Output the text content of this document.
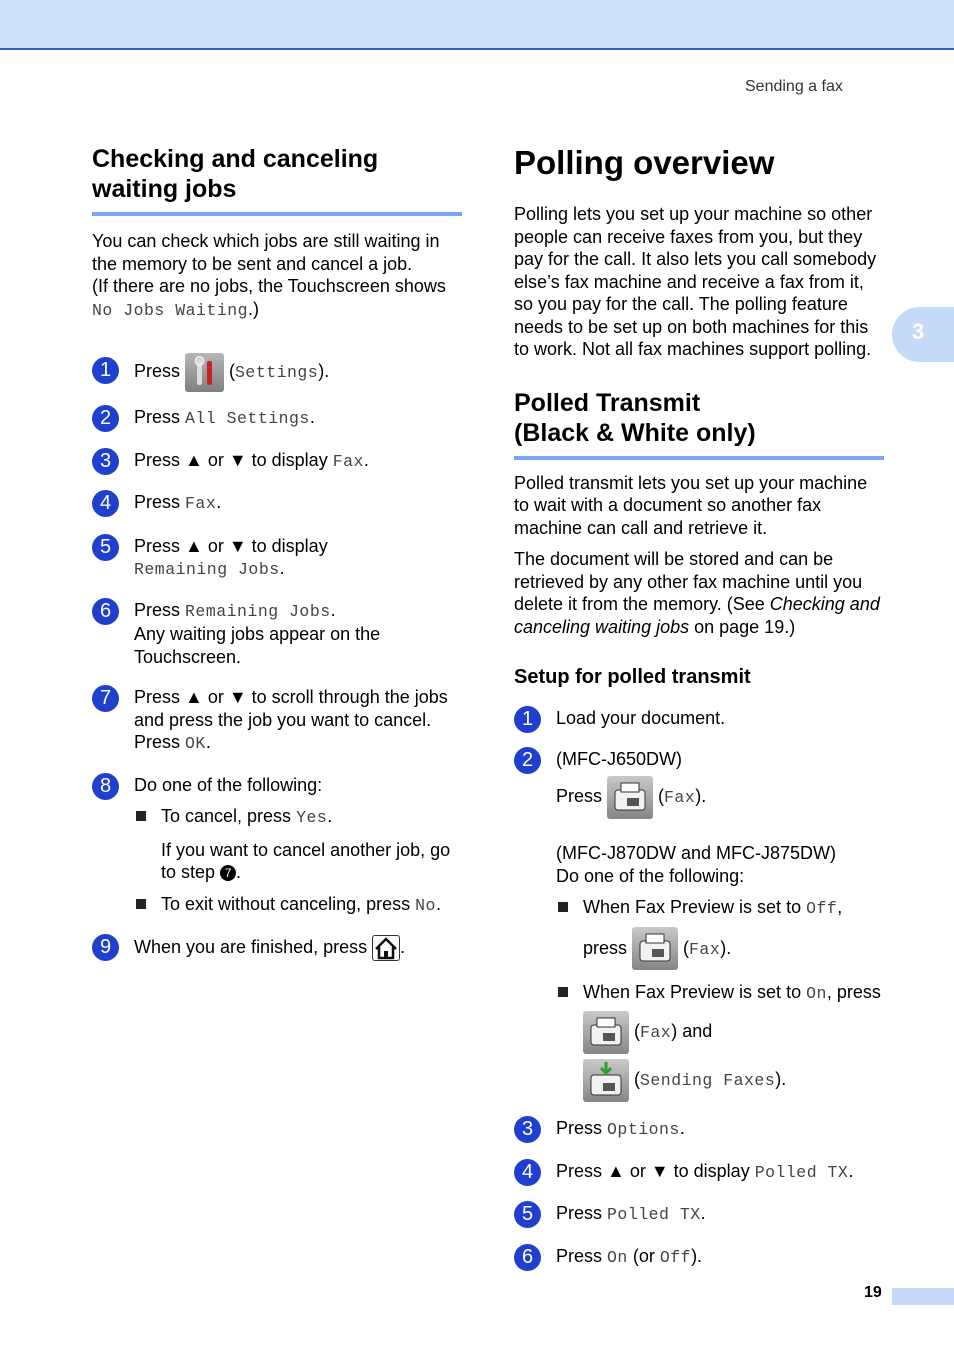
Sending a fax
3
Checking and canceling
waiting jobs

You can check which jobs are still waiting in the memory to be sent and cancel a job.

(If there are no jobs, the Touchscreen shows No Jobs Waiting.)

1	Press
(Settings).
2	Press All Settings.
3	Press ▲ or ▼ to display Fax.
4	Press Fax.
5	Press ▲ or ▼ to display
Remaining Jobs.
6	Press Remaining Jobs.
Any waiting jobs appear on the Touchscreen.
7	Press ▲ or ▼ to scroll through the jobs and press the job you want to cancel.
Press OK.
8	Do one of the following:
To cancel, press Yes.
If you want to cancel another job, go to step 7 .
To exit without canceling, press No.
9	When you are finished, press
.
Polling overview

Polling lets you set up your machine so other people can receive faxes from you, but they pay for the call. It also lets you call somebody else’s fax machine and receive a fax from it, so you pay for the call. The polling feature needs to be set up on both machines for this to work. Not all fax machines support polling.

Polled Transmit
(Black & White only)

Polled transmit lets you set up your machine to wait with a document so another fax machine can call and retrieve it.

The document will be stored and can be retrieved by any other fax machine until you delete it from the memory. (See Checking and canceling waiting jobs on page 19.)

Setup for polled transmit
1	Load your document.
2	(MFC-J650DW)
Press	(Fax).
(MFC-J870DW and MFC-J875DW)
Do one of the following:
When Fax Preview is set to Off,
press	(Fax).
When Fax Preview is set to On, press
(Fax) and
(Sending Faxes).
3	Press Options.
4	Press ▲ or ▼ to display Polled TX.
5	Press Polled TX.
6	Press On (or Off).
19
